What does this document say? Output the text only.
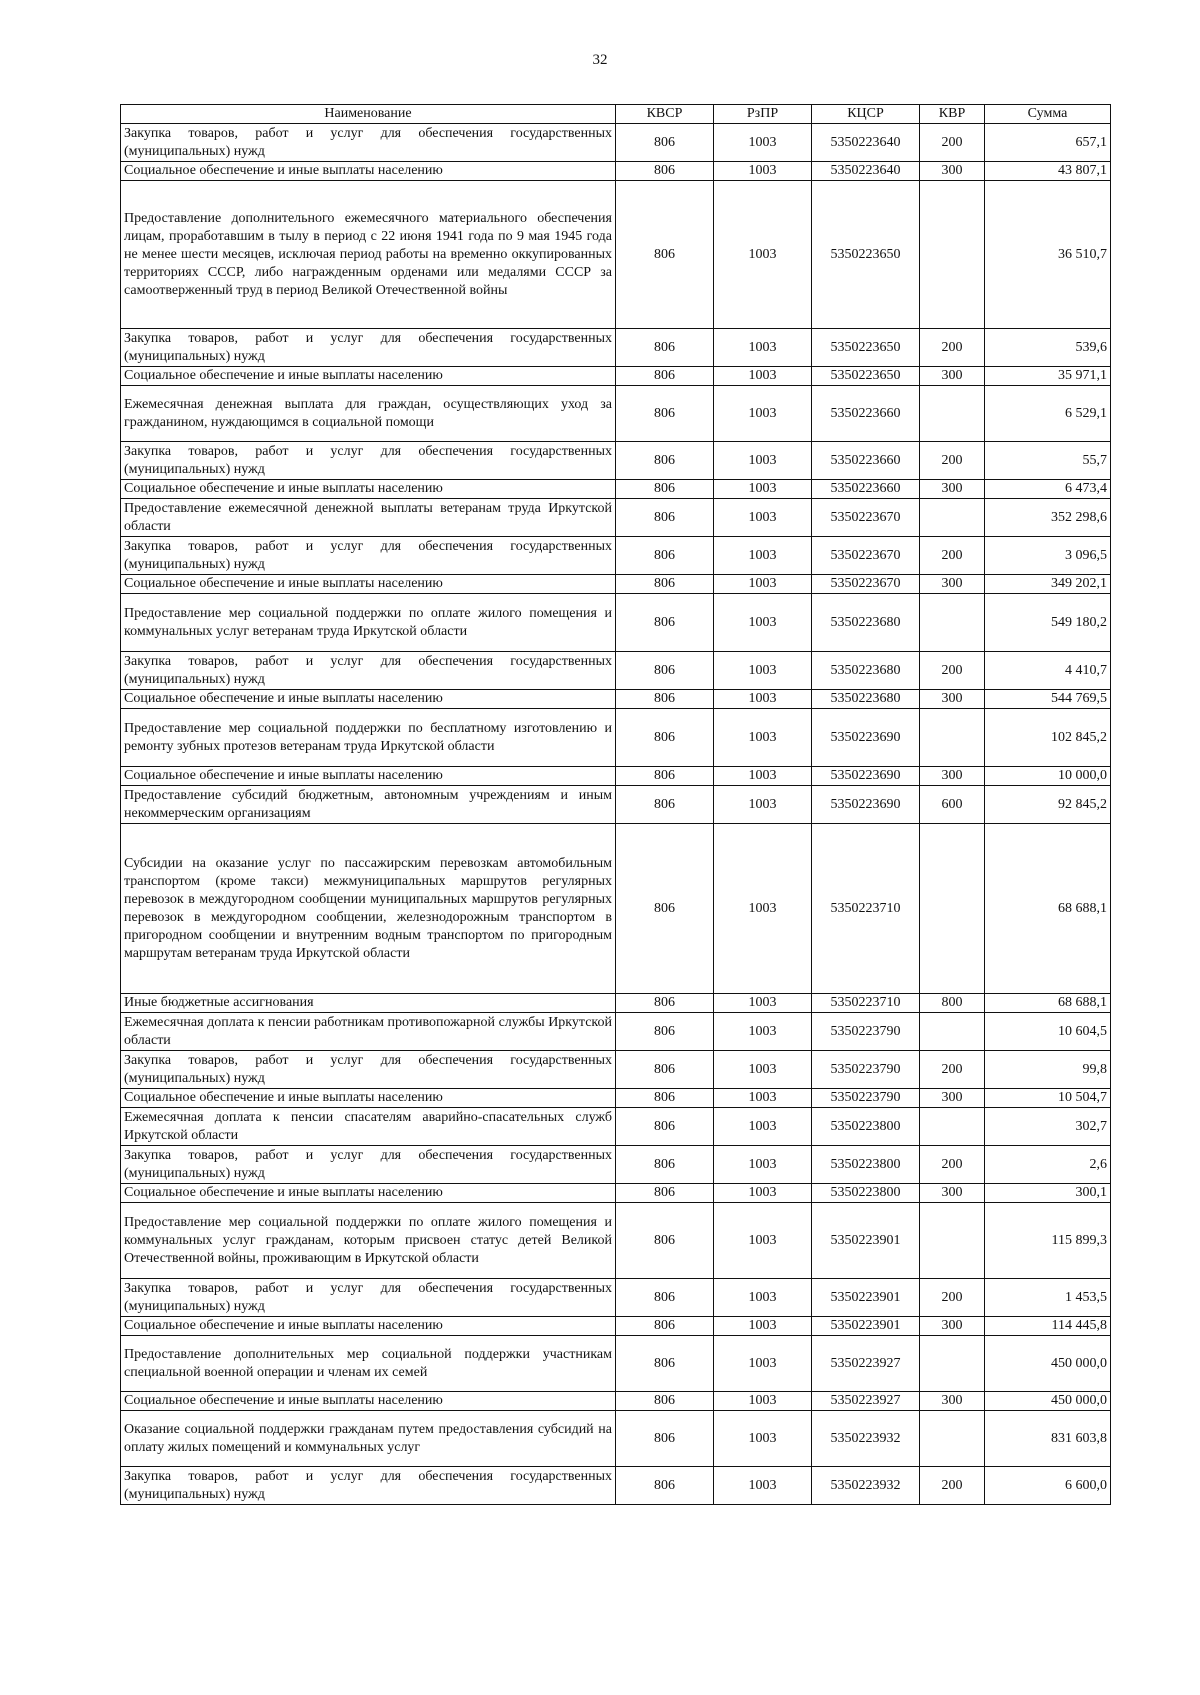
32
Наименование	КВСР	РзПР	КЦСР	КВР	Сумма
Закупка товаров, работ и услуг для обеспечения государственных (муниципальных) нужд	806	1003	5350223640	200	657,1
Социальное обеспечение и иные выплаты населению	806	1003	5350223640	300	43 807,1
Предоставление дополнительного ежемесячного материального обеспечения лицам, проработавшим в тылу в период с 22 июня 1941 года по 9 мая 1945 года не менее шести месяцев, исключая период работы на временно оккупированных территориях СССР, либо награжденным орденами или медалями СССР за самоотверженный труд в период Великой Отечественной войны	806	1003	5350223650		36 510,7
Закупка товаров, работ и услуг для обеспечения государственных (муниципальных) нужд	806	1003	5350223650	200	539,6
Социальное обеспечение и иные выплаты населению	806	1003	5350223650	300	35 971,1
Ежемесячная денежная выплата для граждан, осуществляющих уход за гражданином, нуждающимся в социальной помощи	806	1003	5350223660		6 529,1
Закупка товаров, работ и услуг для обеспечения государственных (муниципальных) нужд	806	1003	5350223660	200	55,7
Социальное обеспечение и иные выплаты населению	806	1003	5350223660	300	6 473,4
Предоставление ежемесячной денежной выплаты ветеранам труда Иркутской области	806	1003	5350223670		352 298,6
Закупка товаров, работ и услуг для обеспечения государственных (муниципальных) нужд	806	1003	5350223670	200	3 096,5
Социальное обеспечение и иные выплаты населению	806	1003	5350223670	300	349 202,1
Предоставление мер социальной поддержки по оплате жилого помещения и коммунальных услуг ветеранам труда Иркутской области	806	1003	5350223680		549 180,2
Закупка товаров, работ и услуг для обеспечения государственных (муниципальных) нужд	806	1003	5350223680	200	4 410,7
Социальное обеспечение и иные выплаты населению	806	1003	5350223680	300	544 769,5
Предоставление мер социальной поддержки по бесплатному изготовлению и ремонту зубных протезов ветеранам труда Иркутской области	806	1003	5350223690		102 845,2
Социальное обеспечение и иные выплаты населению	806	1003	5350223690	300	10 000,0
Предоставление субсидий бюджетным, автономным учреждениям и иным некоммерческим организациям	806	1003	5350223690	600	92 845,2
Субсидии на оказание услуг по пассажирским перевозкам автомобильным транспортом (кроме такси) межмуниципальных маршрутов регулярных перевозок в междугородном сообщении муниципальных маршрутов регулярных перевозок в междугородном сообщении, железнодорожным транспортом в пригородном сообщении и внутренним водным транспортом по пригородным маршрутам ветеранам труда Иркутской области	806	1003	5350223710		68 688,1
Иные бюджетные ассигнования	806	1003	5350223710	800	68 688,1
Ежемесячная доплата к пенсии работникам противопожарной службы Иркутской области	806	1003	5350223790		10 604,5
Закупка товаров, работ и услуг для обеспечения государственных (муниципальных) нужд	806	1003	5350223790	200	99,8
Социальное обеспечение и иные выплаты населению	806	1003	5350223790	300	10 504,7
Ежемесячная доплата к пенсии спасателям аварийно-спасательных служб Иркутской области	806	1003	5350223800		302,7
Закупка товаров, работ и услуг для обеспечения государственных (муниципальных) нужд	806	1003	5350223800	200	2,6
Социальное обеспечение и иные выплаты населению	806	1003	5350223800	300	300,1
Предоставление мер социальной поддержки по оплате жилого помещения и коммунальных услуг гражданам, которым присвоен статус детей Великой Отечественной войны, проживающим в Иркутской области	806	1003	5350223901		115 899,3
Закупка товаров, работ и услуг для обеспечения государственных (муниципальных) нужд	806	1003	5350223901	200	1 453,5
Социальное обеспечение и иные выплаты населению	806	1003	5350223901	300	114 445,8
Предоставление дополнительных мер социальной поддержки участникам специальной военной операции и членам их семей	806	1003	5350223927		450 000,0
Социальное обеспечение и иные выплаты населению	806	1003	5350223927	300	450 000,0
Оказание социальной поддержки гражданам путем предоставления субсидий на оплату жилых помещений и коммунальных услуг	806	1003	5350223932		831 603,8
Закупка товаров, работ и услуг для обеспечения государственных (муниципальных) нужд	806	1003	5350223932	200	6 600,0
